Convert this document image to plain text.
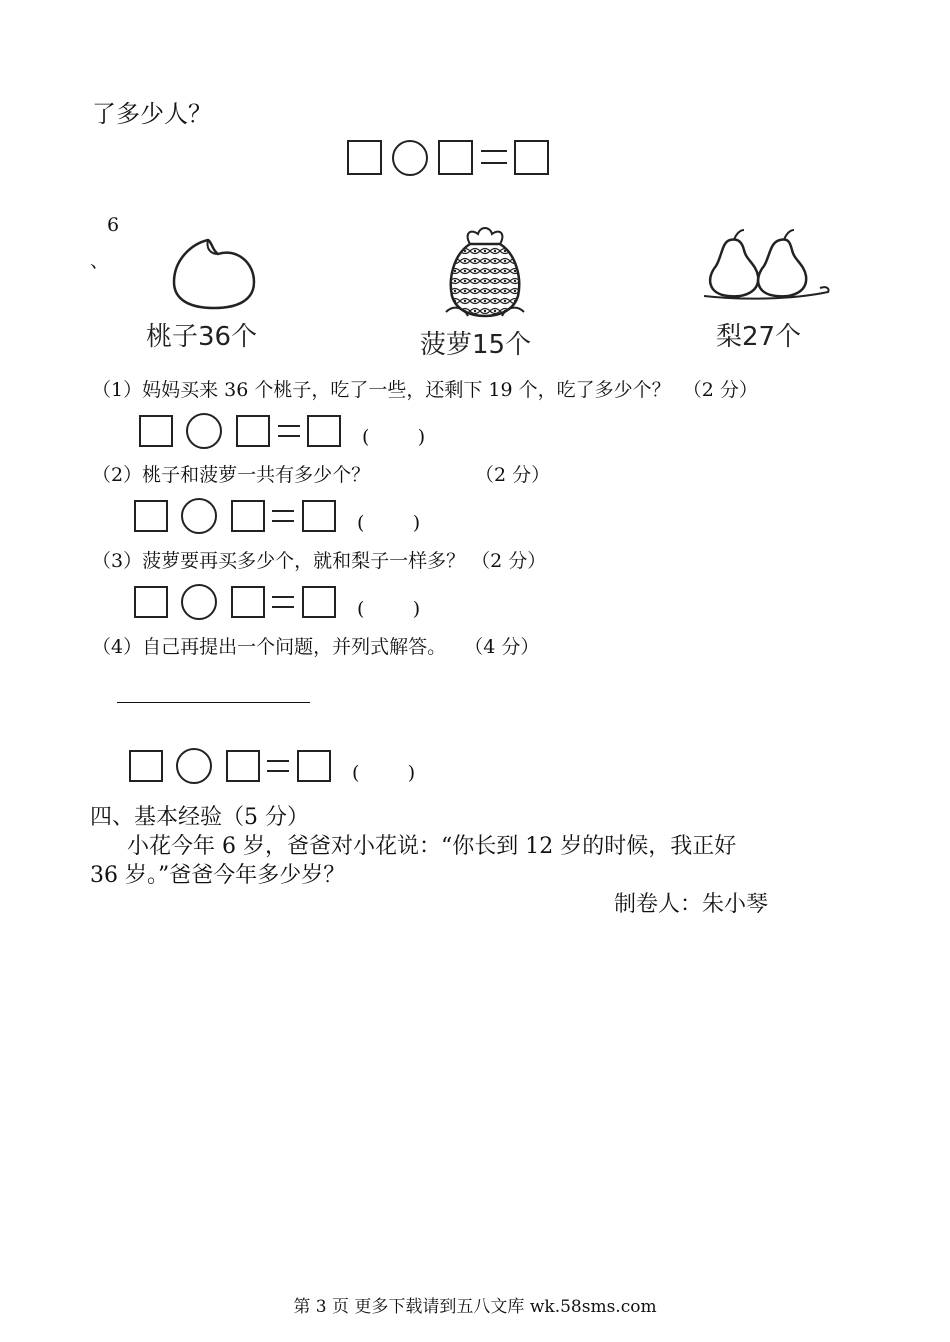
了多少人？
6
、
桃子36个	菠萝15个	梨27个
（1）妈妈买来 36 个桃子，吃了一些，还剩下 19 个，吃了多少个？ （2 分）
(        )
（2）桃子和菠萝一共有多少个？	（2 分）
(        )
（3）菠萝要再买多少个，就和梨子一样多？ （2 分）
(        )
（4）自己再提出一个问题，并列式解答。 （4 分）
(        )
四、基本经验（5 分）
小花今年 6 岁，爸爸对小花说：“你长到 12 岁的时候，我正好
36 岁。”爸爸今年多少岁？
制卷人：朱小琴
第 3 页 更多下载请到五八文库 wk.58sms.com
